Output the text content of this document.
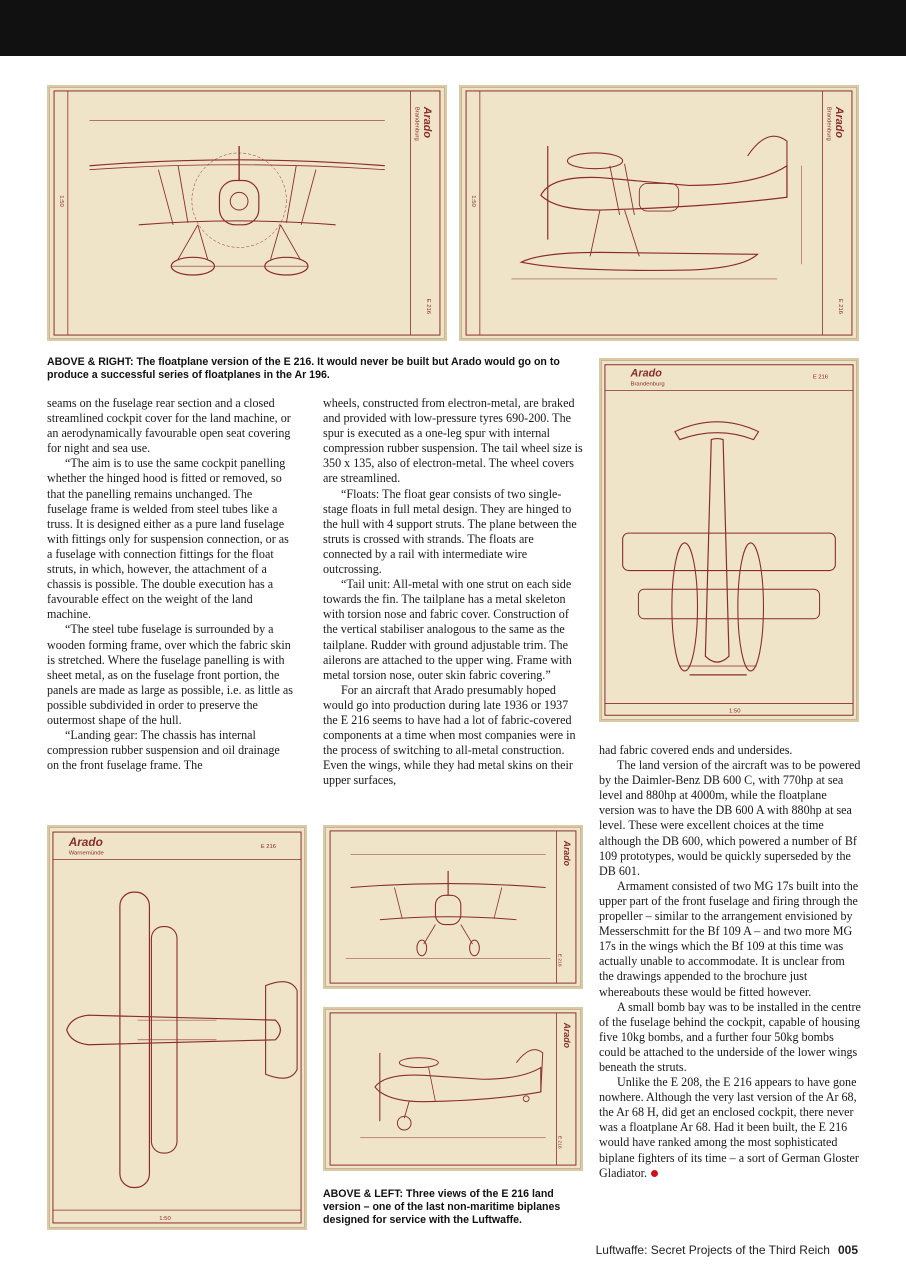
Arado
Brandenburg
E 216
1:50
Arado
Brandenburg
E 216
1:50
ABOVE & RIGHT: The floatplane version of the E 216. It would never be built but Arado would go on to produce a successful series of floatplanes in the Ar 196.	Arado
Brandenburg
E 216
1:50

seams on the fuselage rear section and a closed streamlined cockpit cover for the land machine, or an aerodynamically favourable open seat covering for night and sea use.

“The aim is to use the same cockpit panelling whether the hinged hood is fitted or removed, so that the panelling remains unchanged. The fuselage frame is welded from steel tubes like a truss. It is designed either as a pure land fuselage with fittings only for suspension connection, or as a fuselage with connection fittings for the float struts, in which, however, the attachment of a chassis is possible. The double execution has a favourable effect on the weight of the land machine.

“The steel tube fuselage is surrounded by a wooden forming frame, over which the fabric skin is stretched. Where the fuselage panelling is with sheet metal, as on the fuselage front portion, the panels are made as large as possible, i.e. as little as possible subdivided in order to preserve the outermost shape of the hull.

“Landing gear: The chassis has internal compression rubber suspension and oil drainage on the front fuselage frame. The

wheels, constructed from electron-metal, are braked and provided with low-pressure tyres 690-200. The spur is executed as a one-leg spur with internal compression rubber suspension. The tail wheel size is 350 x 135, also of electron-metal. The wheel covers are streamlined.

“Floats: The float gear consists of two single-stage floats in full metal design. They are hinged to the hull with 4 support struts. The plane between the struts is crossed with strands. The floats are connected by a rail with intermediate wire outcrossing.

“Tail unit: All-metal with one strut on each side towards the fin. The tailplane has a metal skeleton with torsion nose and fabric cover. Construction of the vertical stabiliser analogous to the same as the tailplane. Rudder with ground adjustable trim. The ailerons are attached to the upper wing. Frame with metal torsion nose, outer skin fabric covering.”

For an aircraft that Arado presumably hoped would go into production during late 1936 or 1937 the E 216 seems to have had a lot of fabric-covered components at a time when most companies were in the process of switching to all-metal construction. Even the wings, while they had metal skins on their upper surfaces,

had fabric covered ends and undersides.

The land version of the aircraft was to be powered by the Daimler-Benz DB 600 C, with 770hp at sea level and 880hp at 4000m, while the floatplane version was to have the DB 600 A with 880hp at sea level. These were excellent choices at the time although the DB 600, which powered a number of Bf 109 prototypes, would be quickly superseded by the DB 601.

Armament consisted of two MG 17s built into the upper part of the front fuselage and firing through the propeller – similar to the arrangement envisioned by Messerschmitt for the Bf 109 A – and two more MG 17s in the wings which the Bf 109 at this time was actually unable to accommodate. It is unclear from the drawings appended to the brochure just whereabouts these would be fitted however.

A small bomb bay was to be installed in the centre of the fuselage behind the cockpit, capable of housing five 10kg bombs, and a further four 50kg bombs could be attached to the underside of the lower wings beneath the struts.

Unlike the E 208, the E 216 appears to have gone nowhere. Although the very last version of the Ar 68, the Ar 68 H, did get an enclosed cockpit, there never was a floatplane Ar 68. Had it been built, the E 216 would have ranked among the most sophisticated biplane fighters of its time – a sort of German Gloster Gladiator.

Arado
Warnemünde
E 216
1:50
Arado
E 216
Arado
E 216
ABOVE & LEFT: Three views of the E 216 land version – one of the last non-maritime biplanes designed for service with the Luftwaffe.
Luftwaffe: Secret Projects of the Third Reich 005
